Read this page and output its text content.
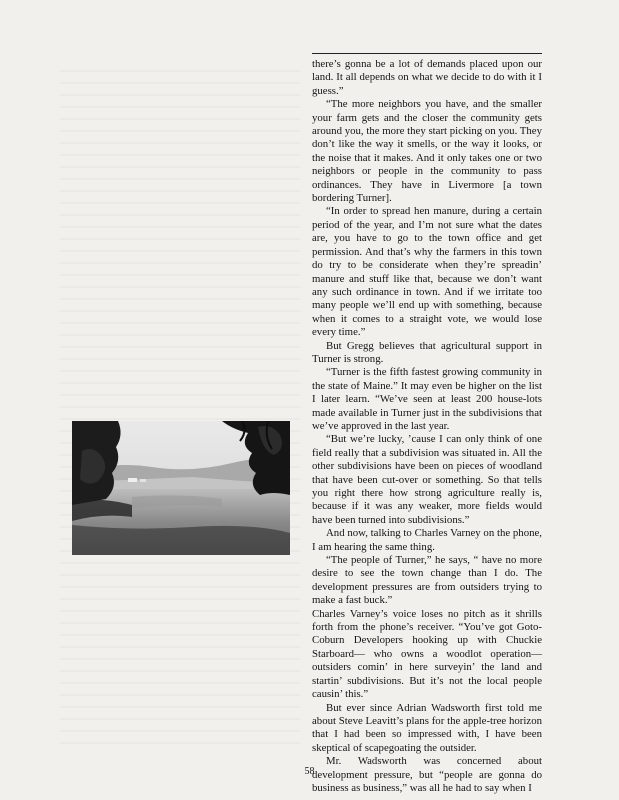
there’s gonna be a lot of demands placed upon our land. It all depends on what we decide to do with it I guess.”

“The more neighbors you have, and the smaller your farm gets and the closer the community gets around you, the more they start picking on you. They don’t like the way it smells, or the way it looks, or the noise that it makes. And it only takes one or two neighbors or people in the community to pass ordinances. They have in Livermore [a town bordering Turner].

“In order to spread hen manure, during a certain period of the year, and I’m not sure what the dates are, you have to go to the town office and get permission. And that’s why the farmers in this town do try to be considerate when they’re spreadin’ manure and stuff like that, because we don’t want any such ordinance in town. And if we irritate too many people we’ll end up with something, because when it comes to a straight vote, we would lose every time.”

But Gregg believes that agricultural support in Turner is strong.

“Turner is the fifth fastest growing community in the state of Maine.” It may even be higher on the list I later learn. “We’ve seen at least 200 house-lots made available in Turner just in the subdivisions that we’ve approved in the last year.

“But we’re lucky, ’cause I can only think of one field really that a subdivision was situated in. All the other subdivisions have been on pieces of woodland that have been cut-over or something. So that tells you right there how strong agriculture really is, because if it was any weaker, more fields would have been turned into subdivisions.”

And now, talking to Charles Varney on the phone, I am hearing the same thing.

“The people of Turner,” he says, “ have no more desire to see the town change than I do. The development pressures are from outsiders trying to make a fast buck.”

Charles Varney’s voice loses no pitch as it shrills forth from the phone’s receiver. “You’ve got Goto-Coburn Developers hooking up with Chuckie Starboard— who owns a woodlot operation— outsiders comin’ in here surveyin’ the land and startin’ subdivisions. But it’s not the local people causin’ this.”

But ever since Adrian Wadsworth first told me about Steve Leavitt’s plans for the apple-tree horizon that I had been so impressed with, I have been skeptical of scapegoating the outsider.

Mr. Wadsworth was concerned about development pressure, but “people are gonna do business as business,” was all he had to say when I

58
